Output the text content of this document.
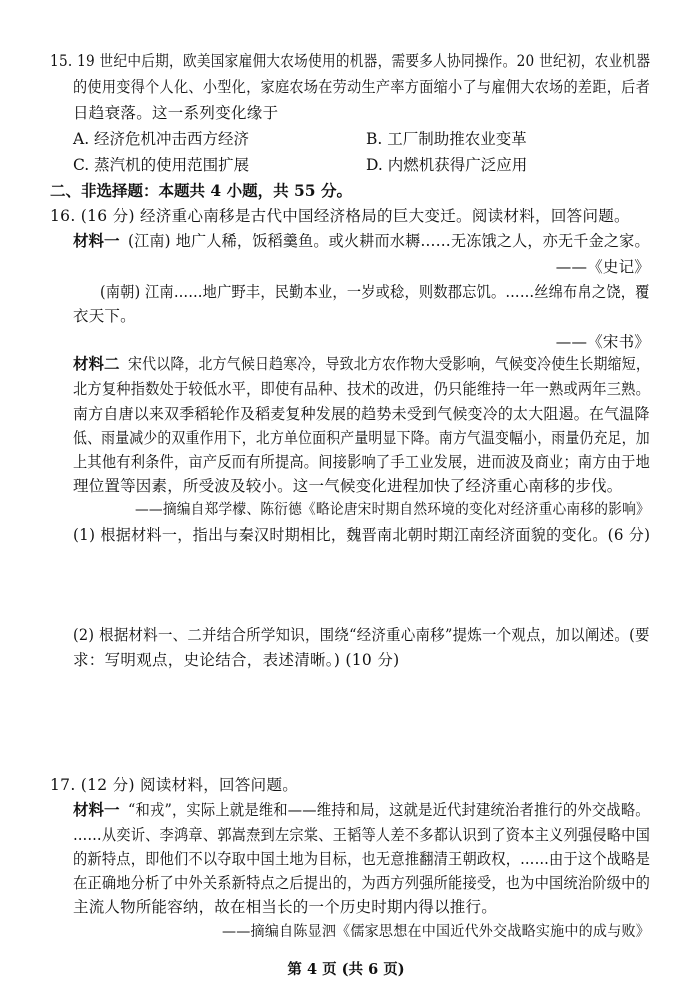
15. 19 世纪中后期，欧美国家雇佣大农场使用的机器，需要多人协同操作。20 世纪初，农业机器
的使用变得个人化、小型化，家庭农场在劳动生产率方面缩小了与雇佣大农场的差距，后者
日趋衰落。这一系列变化缘于
A. 经济危机冲击西方经济	B. 工厂制助推农业变革
C. 蒸汽机的使用范围扩展	D. 内燃机获得广泛应用
二、非选择题：本题共 4 小题，共 55 分。
16. (16 分) 经济重心南移是古代中国经济格局的巨大变迁。阅读材料，回答问题。
材料一 (江南) 地广人稀，饭稻羹鱼。或火耕而水耨……无冻饿之人，亦无千金之家。
——《史记》
(南朝) 江南……地广野丰，民勤本业，一岁或稔，则数郡忘饥。……丝绵布帛之饶，覆
衣天下。
——《宋书》
材料二 宋代以降，北方气候日趋寒冷，导致北方农作物大受影响，气候变冷使生长期缩短，
北方复种指数处于较低水平，即使有品种、技术的改进，仍只能维持一年一熟或两年三熟。
南方自唐以来双季稻轮作及稻麦复种发展的趋势未受到气候变冷的太大阻遏。在气温降
低、雨量减少的双重作用下，北方单位面积产量明显下降。南方气温变幅小，雨量仍充足，加
上其他有利条件，亩产反而有所提高。间接影响了手工业发展，进而波及商业；南方由于地
理位置等因素，所受波及较小。这一气候变化进程加快了经济重心南移的步伐。
——摘编自郑学檬、陈衍德《略论唐宋时期自然环境的变化对经济重心南移的影响》
(1) 根据材料一，指出与秦汉时期相比，魏晋南北朝时期江南经济面貌的变化。(6 分)
(2) 根据材料一、二并结合所学知识，围绕“经济重心南移”提炼一个观点，加以阐述。(要
求：写明观点，史论结合，表述清晰。) (10 分)
17. (12 分) 阅读材料，回答问题。
材料一 “和戎”，实际上就是维和——维持和局，这就是近代封建统治者推行的外交战略。
……从奕䜣、李鸿章、郭嵩焘到左宗棠、王韬等人差不多都认识到了资本主义列强侵略中国
的新特点，即他们不以夺取中国土地为目标，也无意推翻清王朝政权，……由于这个战略是
在正确地分析了中外关系新特点之后提出的，为西方列强所能接受，也为中国统治阶级中的
主流人物所能容纳，故在相当长的一个历史时期内得以推行。
——摘编自陈显泗《儒家思想在中国近代外交战略实施中的成与败》
第 4 页 (共 6 页)
